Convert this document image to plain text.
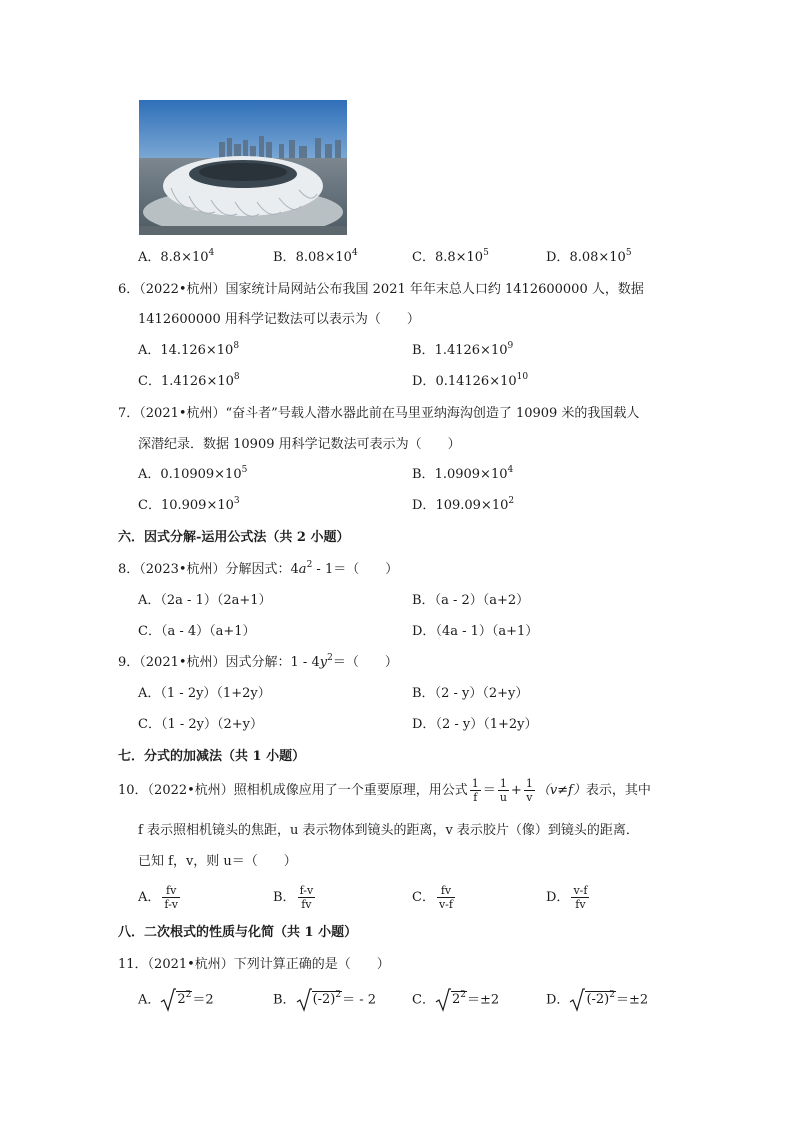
A．$8.8\times 10^4$	B．$8.08\times 10^4$	C．$8.8\times 10^5$	D．$8.08\times 10^5$
6．（2022•杭州）国家统计局网站公布我国 2021 年年末总人口约 1412600000 人，数据
1412600000 用科学记数法可以表示为（　　）
A．$14.126\times 10^8$	B．$1.4126\times 10^9$
C．$1.4126\times 10^8$	D．$0.14126\times 10^{10}$
7．（2021•杭州）“奋斗者”号载人潜水器此前在马里亚纳海沟创造了 10909 米的我国载人
深潜纪录．数据 10909 用科学记数法可表示为（　　）
A．$0.10909\times 10^5$	B．$1.0909\times 10^4$
C．$10.909\times 10^3$	D．$109.09\times 10^2$
六．因式分解-运用公式法（共 2 小题）
8．（2023•杭州）分解因式：$4a^2 - 1=$（　　）
A．（2a - 1）（2a+1）	B．（a - 2）（a+2）
C．（a - 4）（a+1）	D．（4a - 1）（a+1）
9．（2021•杭州）因式分解：$1 - 4y^2=$（　　）
A．（1 - 2y）（1+2y）	B．（2 - y）（2+y）
C．（1 - 2y）（2+y）	D．（2 - y）（1+2y）
七．分式的加减法（共 1 小题）
10．（2022•杭州）照相机成像应用了一个重要原理，用公式 $\frac{1}{f} = \frac{1}{u} + \frac{1}{v} (v\ne f)$表示，其中
f 表示照相机镜头的焦距，u 表示物体到镜头的距离，v 表示胶片（像）到镜头的距离．
已知 f，v，则 u＝（　　）
A． $\frac{fv}{f-v}$	B． $\frac{f-v}{fv}$	C． $\frac{fv}{v-f}$	D． $\frac{v-f}{fv}$
八．二次根式的性质与化简（共 1 小题）
11．（2021•杭州）下列计算正确的是（　　）
A． $2^2=2$	B． $(-2)^2= - 2$	C． $2^2=\pm 2$	D． $(-2)^2=\pm 2$
